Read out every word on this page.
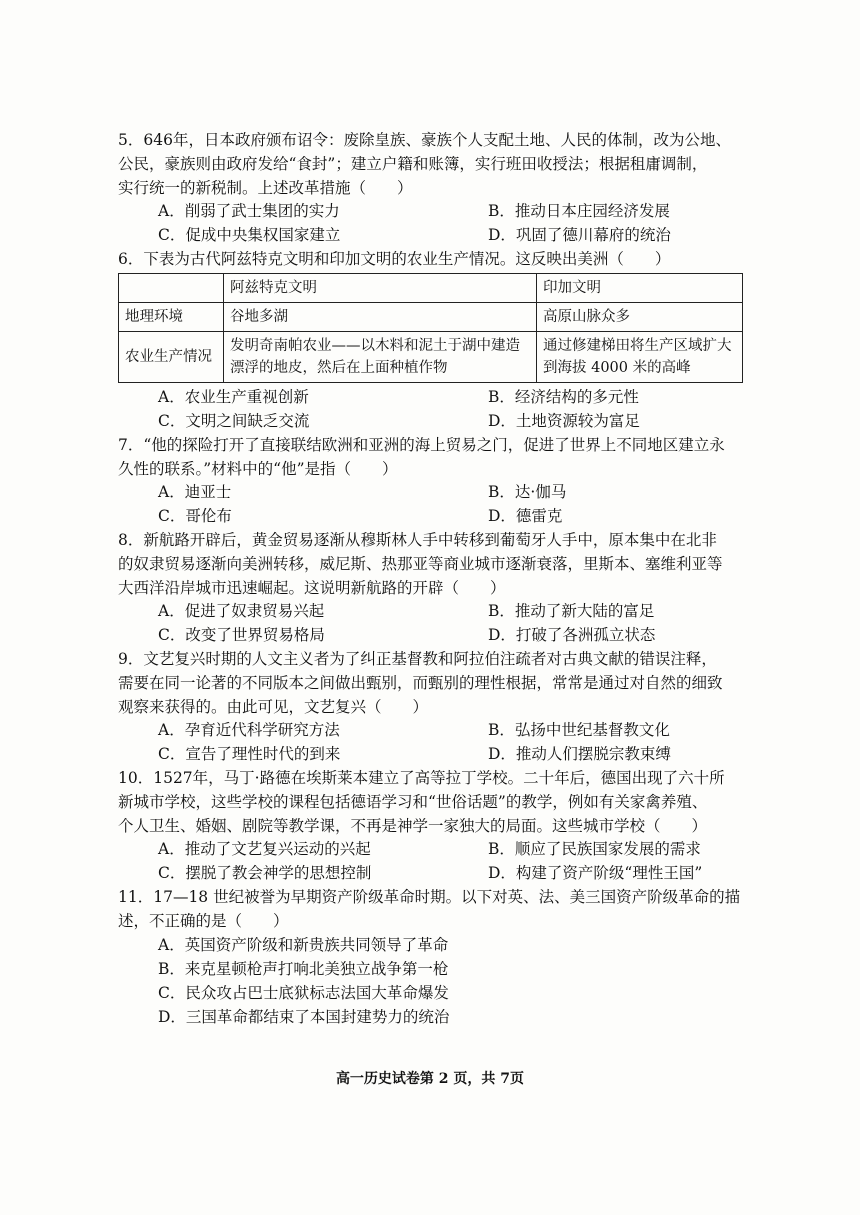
5．646年，日本政府颁布诏令：废除皇族、豪族个人支配土地、人民的体制，改为公地、
公民，豪族则由政府发给“食封”；建立户籍和账簿，实行班田收授法；根据租庸调制，
实行统一的新税制。上述改革措施（　　）
A．削弱了武士集团的实力	B．推动日本庄园经济发展
C．促成中央集权国家建立	D．巩固了德川幕府的统治
6．下表为古代阿兹特克文明和印加文明的农业生产情况。这反映出美洲（　　）
	阿兹特克文明	印加文明
地理环境	谷地多湖	高原山脉众多
农业生产情况	发明奇南帕农业——以木料和泥土于湖中建造漂浮的地皮，然后在上面种植作物	通过修建梯田将生产区域扩大到海拔 4000 米的高峰
A．农业生产重视创新	B．经济结构的多元性
C．文明之间缺乏交流	D．土地资源较为富足
7．“他的探险打开了直接联结欧洲和亚洲的海上贸易之门，促进了世界上不同地区建立永
久性的联系。”材料中的“他”是指（　　）
A．迪亚士	B．达·伽马
C．哥伦布	D．德雷克
8．新航路开辟后，黄金贸易逐渐从穆斯林人手中转移到葡萄牙人手中，原本集中在北非
的奴隶贸易逐渐向美洲转移，威尼斯、热那亚等商业城市逐渐衰落，里斯本、塞维利亚等
大西洋沿岸城市迅速崛起。这说明新航路的开辟（　　）
A．促进了奴隶贸易兴起	B．推动了新大陆的富足
C．改变了世界贸易格局	D．打破了各洲孤立状态
9．文艺复兴时期的人文主义者为了纠正基督教和阿拉伯注疏者对古典文献的错误注释，
需要在同一论著的不同版本之间做出甄别，而甄别的理性根据，常常是通过对自然的细致
观察来获得的。由此可见，文艺复兴（　　）
A．孕育近代科学研究方法	B．弘扬中世纪基督教文化
C．宣告了理性时代的到来	D．推动人们摆脱宗教束缚
10．1527年，马丁·路德在埃斯莱本建立了高等拉丁学校。二十年后，德国出现了六十所
新城市学校，这些学校的课程包括德语学习和“世俗话题”的教学，例如有关家禽养殖、
个人卫生、婚姻、剧院等教学课，不再是神学一家独大的局面。这些城市学校（　　）
A．推动了文艺复兴运动的兴起	B．顺应了民族国家发展的需求
C．摆脱了教会神学的思想控制	D．构建了资产阶级“理性王国”
11．17—18 世纪被誉为早期资产阶级革命时期。以下对英、法、美三国资产阶级革命的描
述，不正确的是（　　）
A．英国资产阶级和新贵族共同领导了革命
B．来克星顿枪声打响北美独立战争第一枪
C．民众攻占巴士底狱标志法国大革命爆发
D．三国革命都结束了本国封建势力的统治
高一历史试卷第 2 页，共 7页
